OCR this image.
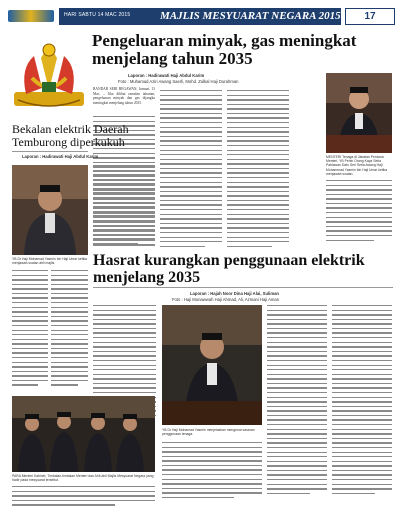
HARI SABTU 14 MAC 2015	MAJLIS MESYUARAT NEGARA 2015	17
Pengeluaran minyak, gas meningkat menjelang tahun 2035
Laporan : Hadirawati Haji Abdul Karim
Foto : Muhamad Aziri Awang Saerli, Mohd. Zulkal Haji Durahman
BANDAR SERI BEGAWAN, Jumaat, 13 Mac. – Jika dilihat ramalan tahunan, pengeluaran minyak dan gas dijangka meningkat menjelang tahun 2035.
MENTERI Tenaga di Jabatan Perdana Menteri, YB Pehin Orang Kaya Setia Pahlawan Dato Seri Setia Awang Haji Mohammad Yasmin bin Haji Umar ketika menjawab soalan.
Bekalan elektrik Daerah Temburong diperkukuh
Laporan : Hadirawati Haji Abdul Karim
YB Dr Haji Mohamad Yasmin bin Haji Umar ketika menjawab soalan ahli majlis.	Hasrat kurangkan penggunaan elektrik menjelang 2035
Laporan : Hajah Noor Dina Haji Alai, Suliman
Foto : Haji Munawwah Haji Ahmad, Ali, Azmani Haji Aman
YB Dr Haji Mohamad Yasmin menjelaskan mengenai sasaran penggunaan tenaga.
PARA Menteri Kabinet, Timbalan-timbalan Menteri dan Ahli-ahli Majlis Mesyuarat Negara yang hadir pada mesyuarat tersebut.
